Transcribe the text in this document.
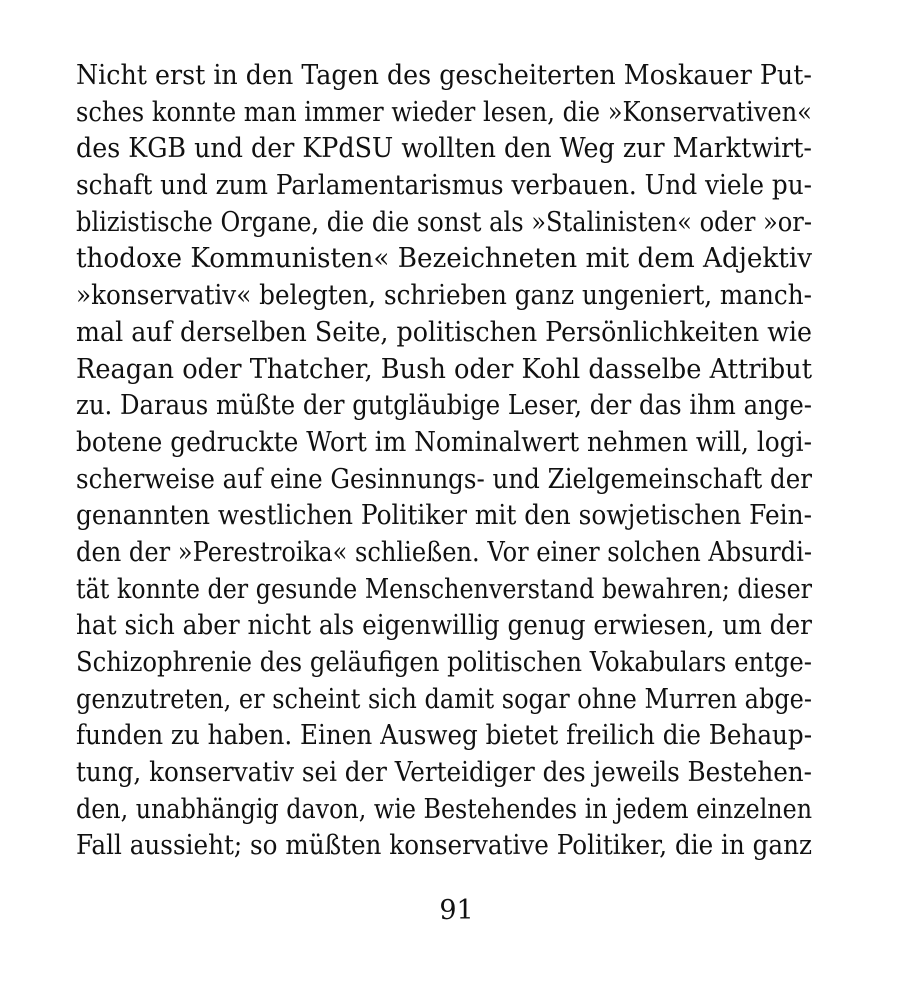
Nicht erst in den Tagen des gescheiterten Moskauer Put-
sches konnte man immer wieder lesen, die »Konservativen«
des KGB und der KPdSU wollten den Weg zur Marktwirt-
schaft und zum Parlamentarismus verbauen. Und viele pu-
blizistische Organe, die die sonst als »Stalinisten« oder »or-
thodoxe Kommunisten« Bezeichneten mit dem Adjektiv
»konservativ« belegten, schrieben ganz ungeniert, manch-
mal auf derselben Seite, politischen Persönlichkeiten wie
Reagan oder Thatcher, Bush oder Kohl dasselbe Attribut
zu. Daraus müßte der gutgläubige Leser, der das ihm ange-
botene gedruckte Wort im Nominalwert nehmen will, logi-
scherweise auf eine Gesinnungs- und Zielgemeinschaft der
genannten westlichen Politiker mit den sowjetischen Fein-
den der »Perestroika« schließen. Vor einer solchen Absurdi-
tät konnte der gesunde Menschenverstand bewahren; dieser
hat sich aber nicht als eigenwillig genug erwiesen, um der
Schizophrenie des geläufigen politischen Vokabulars entge-
genzutreten, er scheint sich damit sogar ohne Murren abge-
funden zu haben. Einen Ausweg bietet freilich die Behaup-
tung, konservativ sei der Verteidiger des jeweils Bestehen-
den, unabhängig davon, wie Bestehendes in jedem einzelnen
Fall aussieht; so müßten konservative Politiker, die in ganz
91
